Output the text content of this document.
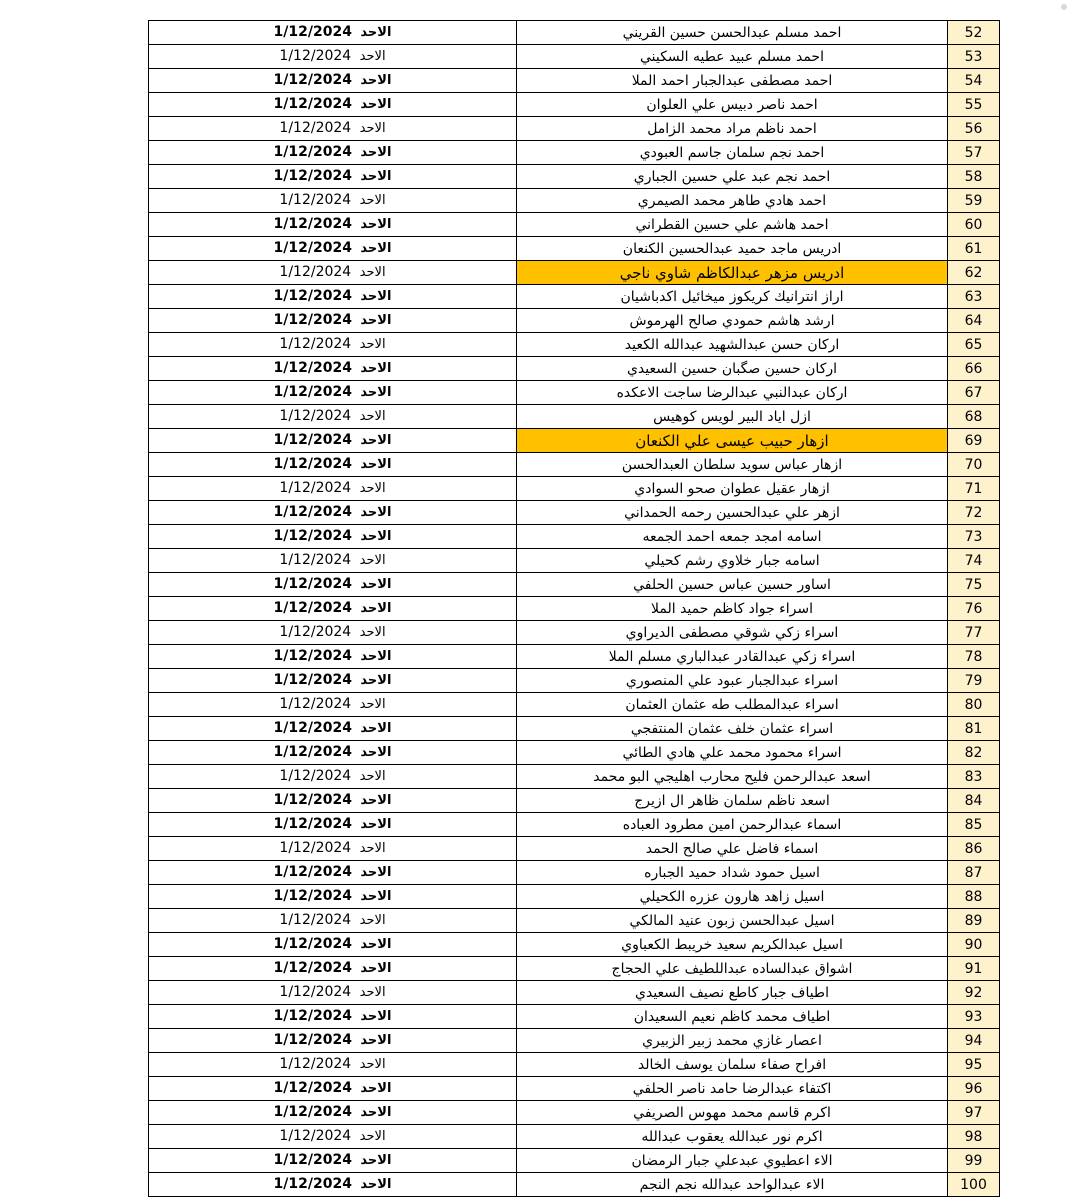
الاحد 1/12/2024	احمد مسلم عبدالحسن حسين القريني	52
الاحد 1/12/2024	احمد مسلم عبيد عطيه السكيني	53
الاحد 1/12/2024	احمد مصطفى عبدالجبار احمد الملا	54
الاحد 1/12/2024	احمد ناصر دبيس علي العلوان	55
الاحد 1/12/2024	احمد ناظم مراد محمد الزامل	56
الاحد 1/12/2024	احمد نجم سلمان جاسم العبودي	57
الاحد 1/12/2024	احمد نجم عبد علي حسين الجباري	58
الاحد 1/12/2024	احمد هادي طاهر محمد الصيمري	59
الاحد 1/12/2024	احمد هاشم علي حسين القطراني	60
الاحد 1/12/2024	ادريس ماجد حميد عبدالحسين الكنعان	61
الاحد 1/12/2024	ادريس مزهر عبدالكاظم شاوي ناجي	62
الاحد 1/12/2024	اراز انترانيك كريكوز ميخائيل اكدباشيان	63
الاحد 1/12/2024	ارشد هاشم حمودي صالح الهرموش	64
الاحد 1/12/2024	اركان حسن عبدالشهيد عبدالله الكعيد	65
الاحد 1/12/2024	اركان حسين صگبان حسين السعيدي	66
الاحد 1/12/2024	اركان عبدالنبي عبدالرضا ساجت الاعكده	67
الاحد 1/12/2024	ازل اياد البير لويس كوهيس	68
الاحد 1/12/2024	ازهار حبيب عيسى علي الكنعان	69
الاحد 1/12/2024	ازهار عباس سويد سلطان العبدالحسن	70
الاحد 1/12/2024	ازهار عقيل عطوان صحو السوادي	71
الاحد 1/12/2024	ازهر علي عبدالحسين رحمه الحمداني	72
الاحد 1/12/2024	اسامه امجد جمعه احمد الجمعه	73
الاحد 1/12/2024	اسامه جبار خلاوي رشم كحيلي	74
الاحد 1/12/2024	اساور حسين عباس حسين الحلفي	75
الاحد 1/12/2024	اسراء جواد كاظم حميد الملا	76
الاحد 1/12/2024	اسراء زكي شوقي مصطفى الديراوي	77
الاحد 1/12/2024	اسراء زكي عبدالقادر عبدالباري مسلم الملا	78
الاحد 1/12/2024	اسراء عبدالجبار عبود علي المنصوري	79
الاحد 1/12/2024	اسراء عبدالمطلب طه عثمان العثمان	80
الاحد 1/12/2024	اسراء عثمان خلف عثمان المنتفجي	81
الاحد 1/12/2024	اسراء محمود محمد علي هادي الطائي	82
الاحد 1/12/2024	اسعد عبدالرحمن فليح محارب اهليجي البو محمد	83
الاحد 1/12/2024	اسعد ناظم سلمان ظاهر ال ازيرج	84
الاحد 1/12/2024	اسماء عبدالرحمن امين مطرود العباده	85
الاحد 1/12/2024	اسماء فاضل علي صالح الحمد	86
الاحد 1/12/2024	اسيل حمود شداد حميد الجباره	87
الاحد 1/12/2024	اسيل زاهد هارون عزره الكحيلي	88
الاحد 1/12/2024	اسيل عبدالحسن زبون عنيد المالكي	89
الاحد 1/12/2024	اسيل عبدالكريم سعيد خريبط الكعباوي	90
الاحد 1/12/2024	اشواق عبدالساده عبداللطيف علي الحجاج	91
الاحد 1/12/2024	اطياف جبار كاطع نصيف السعيدي	92
الاحد 1/12/2024	اطياف محمد كاظم نعيم السعيدان	93
الاحد 1/12/2024	اعصار غازي محمد زبير الزبيري	94
الاحد 1/12/2024	افراح صفاء سلمان يوسف الخالد	95
الاحد 1/12/2024	اكتفاء عبدالرضا حامد ناصر الحلفي	96
الاحد 1/12/2024	اكرم قاسم محمد مهوس الصريفي	97
الاحد 1/12/2024	اكرم نور عبدالله يعقوب عبدالله	98
الاحد 1/12/2024	الاء اعطيوي عبدعلي جبار الرمضان	99
الاحد 1/12/2024	الاء عبدالواحد عبدالله نجم النجم	100
